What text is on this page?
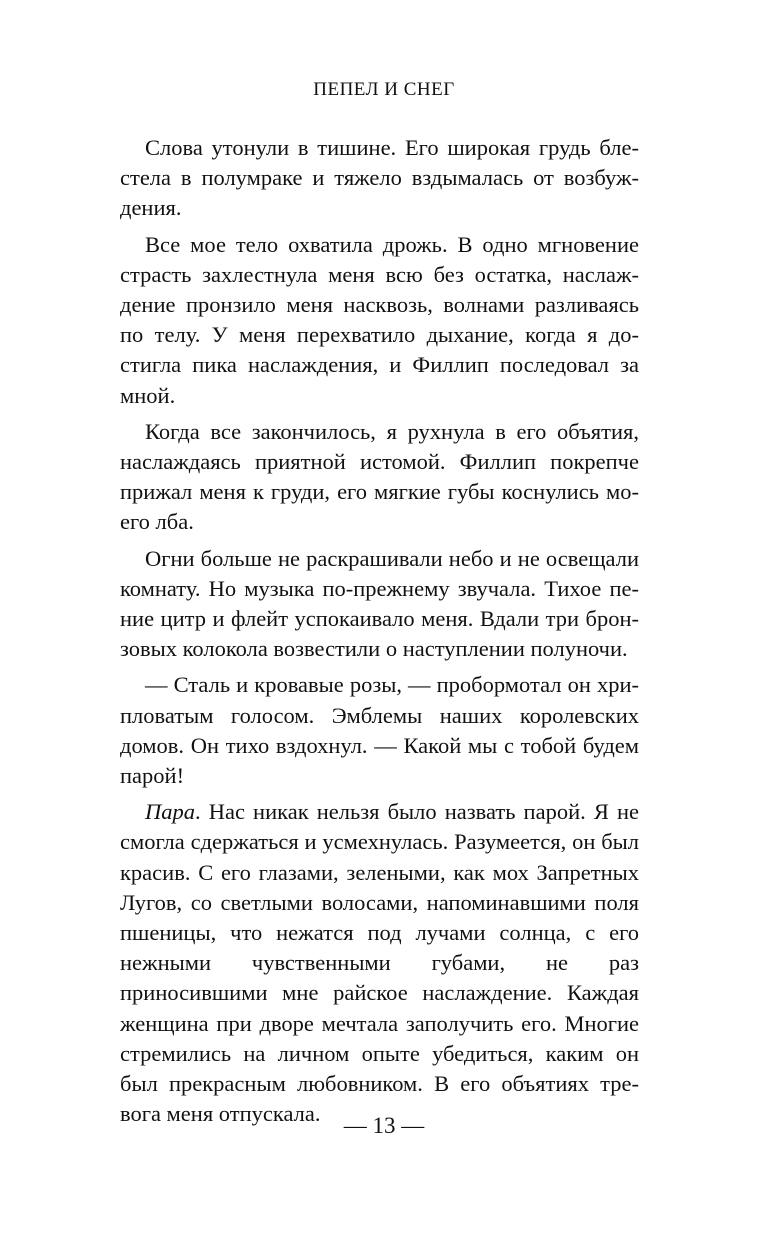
ПЕПЕЛ И СНЕГ

Слова утонули в тишине. Его широкая грудь блестела в полумраке и тяжело вздымалась от возбуждения.

Все мое тело охватила дрожь. В одно мгновение страсть захлестнула меня всю без остатка, наслаждение пронзило меня насквозь, волнами разливаясь по телу. У меня перехватило дыхание, когда я достигла пика наслаждения, и Филлип последовал за мной.

Когда все закончилось, я рухнула в его объятия, наслаждаясь приятной истомой. Филлип покрепче прижал меня к груди, его мягкие губы коснулись моего лба.

Огни больше не раскрашивали небо и не освещали комнату. Но музыка по-прежнему звучала. Тихое пение цитр и флейт успокаивало меня. Вдали три бронзовых колокола возвестили о наступлении полуночи.

— Сталь и кровавые розы, — пробормотал он хрипловатым голосом. Эмблемы наших королевских домов. Он тихо вздохнул. — Какой мы с тобой будем парой!

Пара. Нас никак нельзя было назвать парой. Я не смогла сдержаться и усмехнулась. Разумеется, он был красив. С его глазами, зелеными, как мох Запретных Лугов, со светлыми волосами, напоминавшими поля пшеницы, что нежатся под лучами солнца, с его нежными чувственными губами, не раз приносившими мне райское наслаждение. Каждая женщина при дворе мечтала заполучить его. Многие стремились на личном опыте убедиться, каким он был прекрасным любовником. В его объятиях тревога меня отпускала.	— 13 —
